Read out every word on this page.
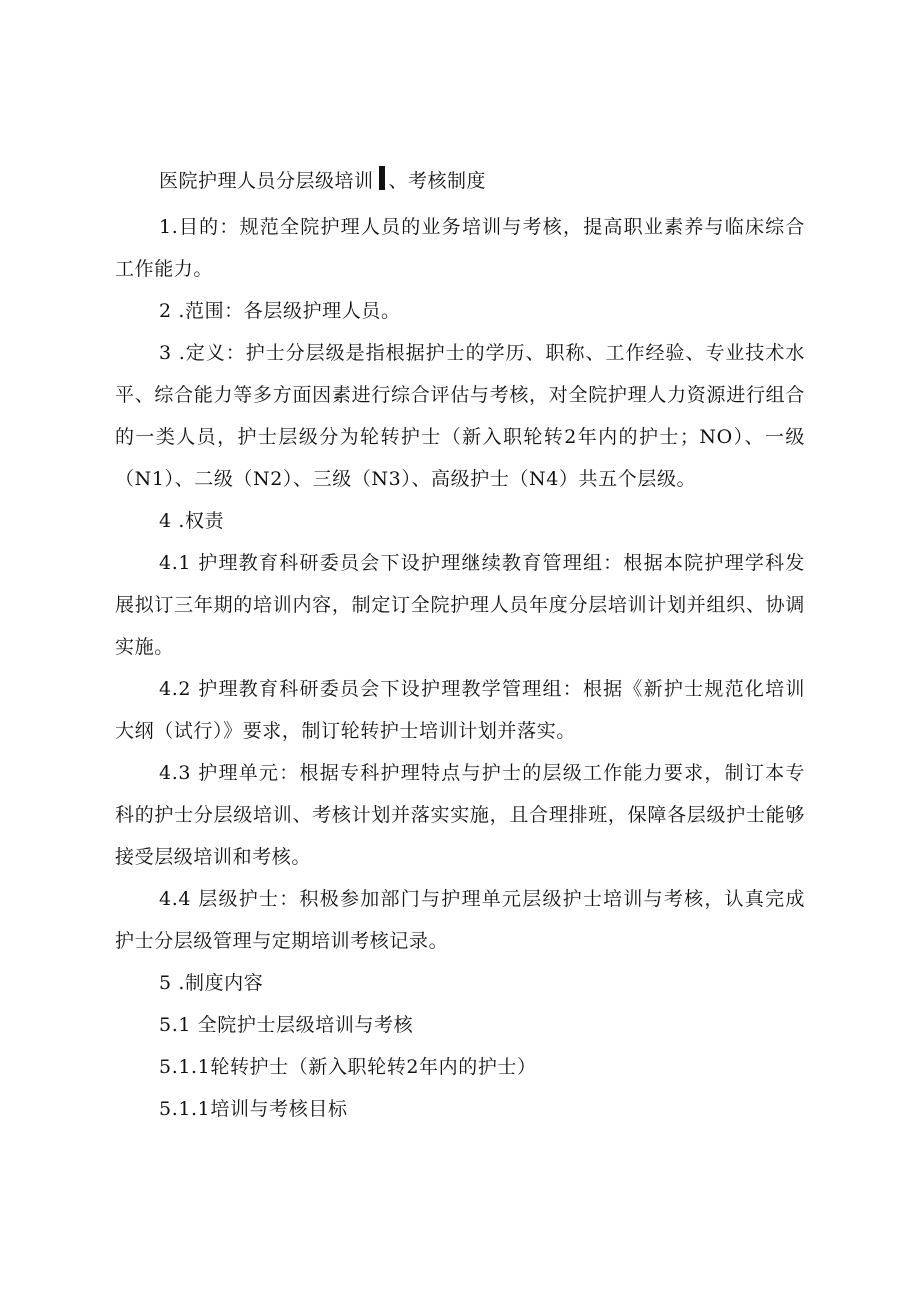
医院护理人员分层级培训 、考核制度

1.目的：规范全院护理人员的业务培训与考核，提高职业素养与临床综合工作能力。

2 .范围：各层级护理人员。

3 .定义：护士分层级是指根据护士的学历、职称、工作经验、专业技术水平、综合能力等多方面因素进行综合评估与考核，对全院护理人力资源进行组合的一类人员，护士层级分为轮转护士（新入职轮转2年内的护士；NO）、一级（N1）、二级（N2）、三级（N3）、高级护士（N4）共五个层级。

4 .权责

4.1 护理教育科研委员会下设护理继续教育管理组：根据本院护理学科发展拟订三年期的培训内容，制定订全院护理人员年度分层培训计划并组织、协调实施。

4.2 护理教育科研委员会下设护理教学管理组：根据《新护士规范化培训大纲（试行）》要求，制订轮转护士培训计划并落实。

4.3 护理单元：根据专科护理特点与护士的层级工作能力要求，制订本专科的护士分层级培训、考核计划并落实实施，且合理排班，保障各层级护士能够接受层级培训和考核。

4.4 层级护士：积极参加部门与护理单元层级护士培训与考核，认真完成护士分层级管理与定期培训考核记录。

5 .制度内容

5.1 全院护士层级培训与考核

5.1.1轮转护士（新入职轮转2年内的护士）

5.1.1培训与考核目标
